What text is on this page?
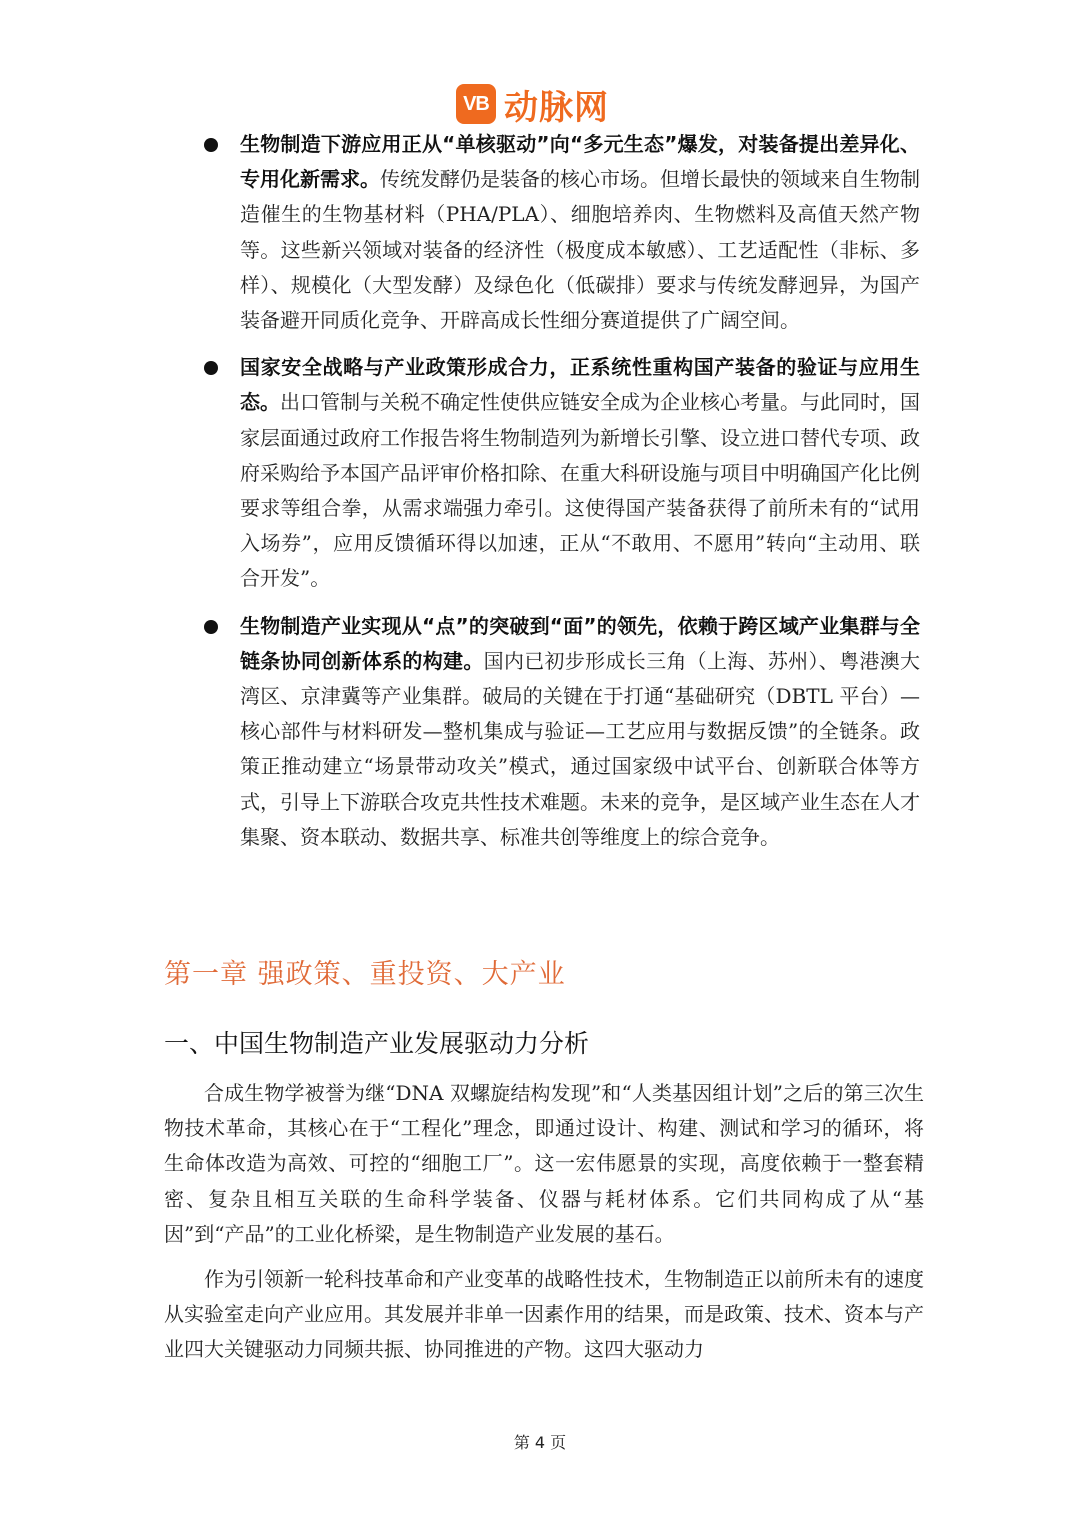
VB 动脉网
生物制造下游应用正从“单核驱动”向“多元生态”爆发，对装备提出差异化、专用化新需求。传统发酵仍是装备的核心市场。但增长最快的领域来自生物制造催生的生物基材料（PHA/PLA）、细胞培养肉、生物燃料及高值天然产物等。这些新兴领域对装备的经济性（极度成本敏感）、工艺适配性（非标、多样）、规模化（大型发酵）及绿色化（低碳排）要求与传统发酵迥异，为国产装备避开同质化竞争、开辟高成长性细分赛道提供了广阔空间。
国家安全战略与产业政策形成合力，正系统性重构国产装备的验证与应用生态。出口管制与关税不确定性使供应链安全成为企业核心考量。与此同时，国家层面通过政府工作报告将生物制造列为新增长引擎、设立进口替代专项、政府采购给予本国产品评审价格扣除、在重大科研设施与项目中明确国产化比例要求等组合拳，从需求端强力牵引。这使得国产装备获得了前所未有的“试用入场券”，应用反馈循环得以加速，正从“不敢用、不愿用”转向“主动用、联合开发”。
生物制造产业实现从“点”的突破到“面”的领先，依赖于跨区域产业集群与全链条协同创新体系的构建。国内已初步形成长三角（上海、苏州）、粤港澳大湾区、京津冀等产业集群。破局的关键在于打通“基础研究（DBTL 平台）—核心部件与材料研发—整机集成与验证—工艺应用与数据反馈”的全链条。政策正推动建立“场景带动攻关”模式，通过国家级中试平台、创新联合体等方式，引导上下游联合攻克共性技术难题。未来的竞争，是区域产业生态在人才集聚、资本联动、数据共享、标准共创等维度上的综合竞争。
第一章 强政策、重投资、大产业
一、中国生物制造产业发展驱动力分析

合成生物学被誉为继“DNA 双螺旋结构发现”和“人类基因组计划”之后的第三次生物技术革命，其核心在于“工程化”理念，即通过设计、构建、测试和学习的循环，将生命体改造为高效、可控的“细胞工厂”。这一宏伟愿景的实现，高度依赖于一整套精密、复杂且相互关联的生命科学装备、仪器与耗材体系。它们共同构成了从“基因”到“产品”的工业化桥梁，是生物制造产业发展的基石。

作为引领新一轮科技革命和产业变革的战略性技术，生物制造正以前所未有的速度从实验室走向产业应用。其发展并非单一因素作用的结果，而是政策、技术、资本与产业四大关键驱动力同频共振、协同推进的产物。这四大驱动力

第 4 页
